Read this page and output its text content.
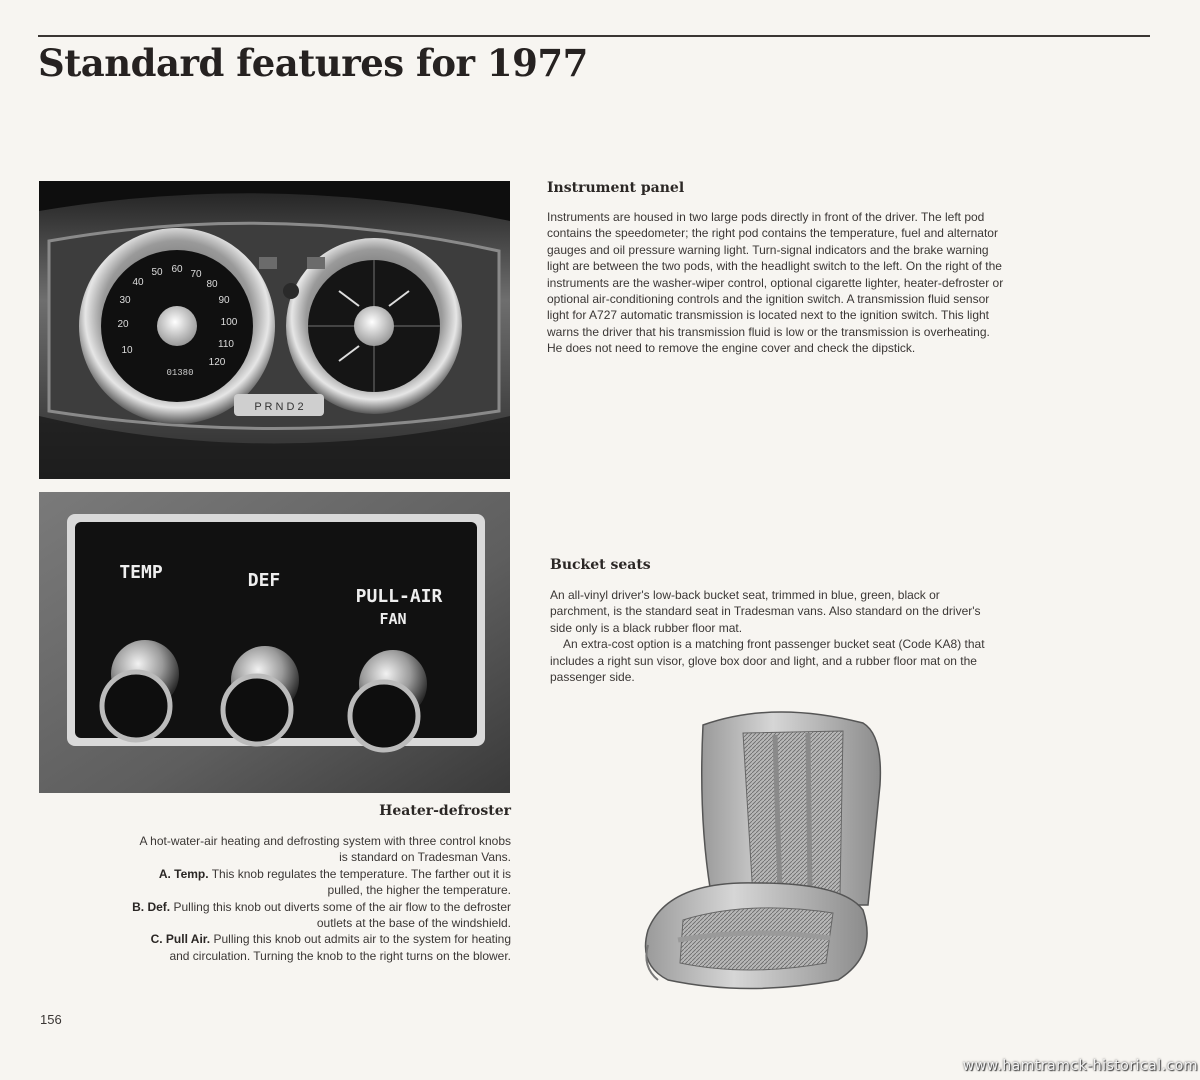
Standard features for 1977
10
20
30
40
50 60 70
80
90
100
110
120
01380
P R N D 2
TEMP	DEF
PULL-AIR
FAN
Instrument panel

Instruments are housed in two large pods directly in front of the driver. The left pod contains the speedometer; the right pod contains the temperature, fuel and alternator gauges and oil pressure warning light. Turn-signal indicators and the brake warning light are between the two pods, with the headlight switch to the left. On the right of the instruments are the washer-wiper control, optional cigarette lighter, heater-defroster or optional air-conditioning controls and the ignition switch. A transmission fluid sensor light for A727 automatic transmission is located next to the ignition switch. This light warns the driver that his transmission fluid is low or the transmission is overheating. He does not need to remove the engine cover and check the dipstick.

Bucket seats

An all-vinyl driver's low-back bucket seat, trimmed in blue, green, black or parchment, is the standard seat in Tradesman vans. Also standard on the driver's side only is a black rubber floor mat.

An extra-cost option is a matching front passenger bucket seat (Code KA8) that includes a right sun visor, glove box door and light, and a rubber floor mat on the passenger side.

Heater-defroster

A hot-water-air heating and defrosting system with three control knobs is standard on Tradesman Vans.

A. Temp. This knob regulates the temperature. The farther out it is pulled, the higher the temperature.

B. Def. Pulling this knob out diverts some of the air flow to the defroster outlets at the base of the windshield.

C. Pull Air. Pulling this knob out admits air to the system for heating and circulation. Turning the knob to the right turns on the blower.

156
www.hamtramck-historical.com
